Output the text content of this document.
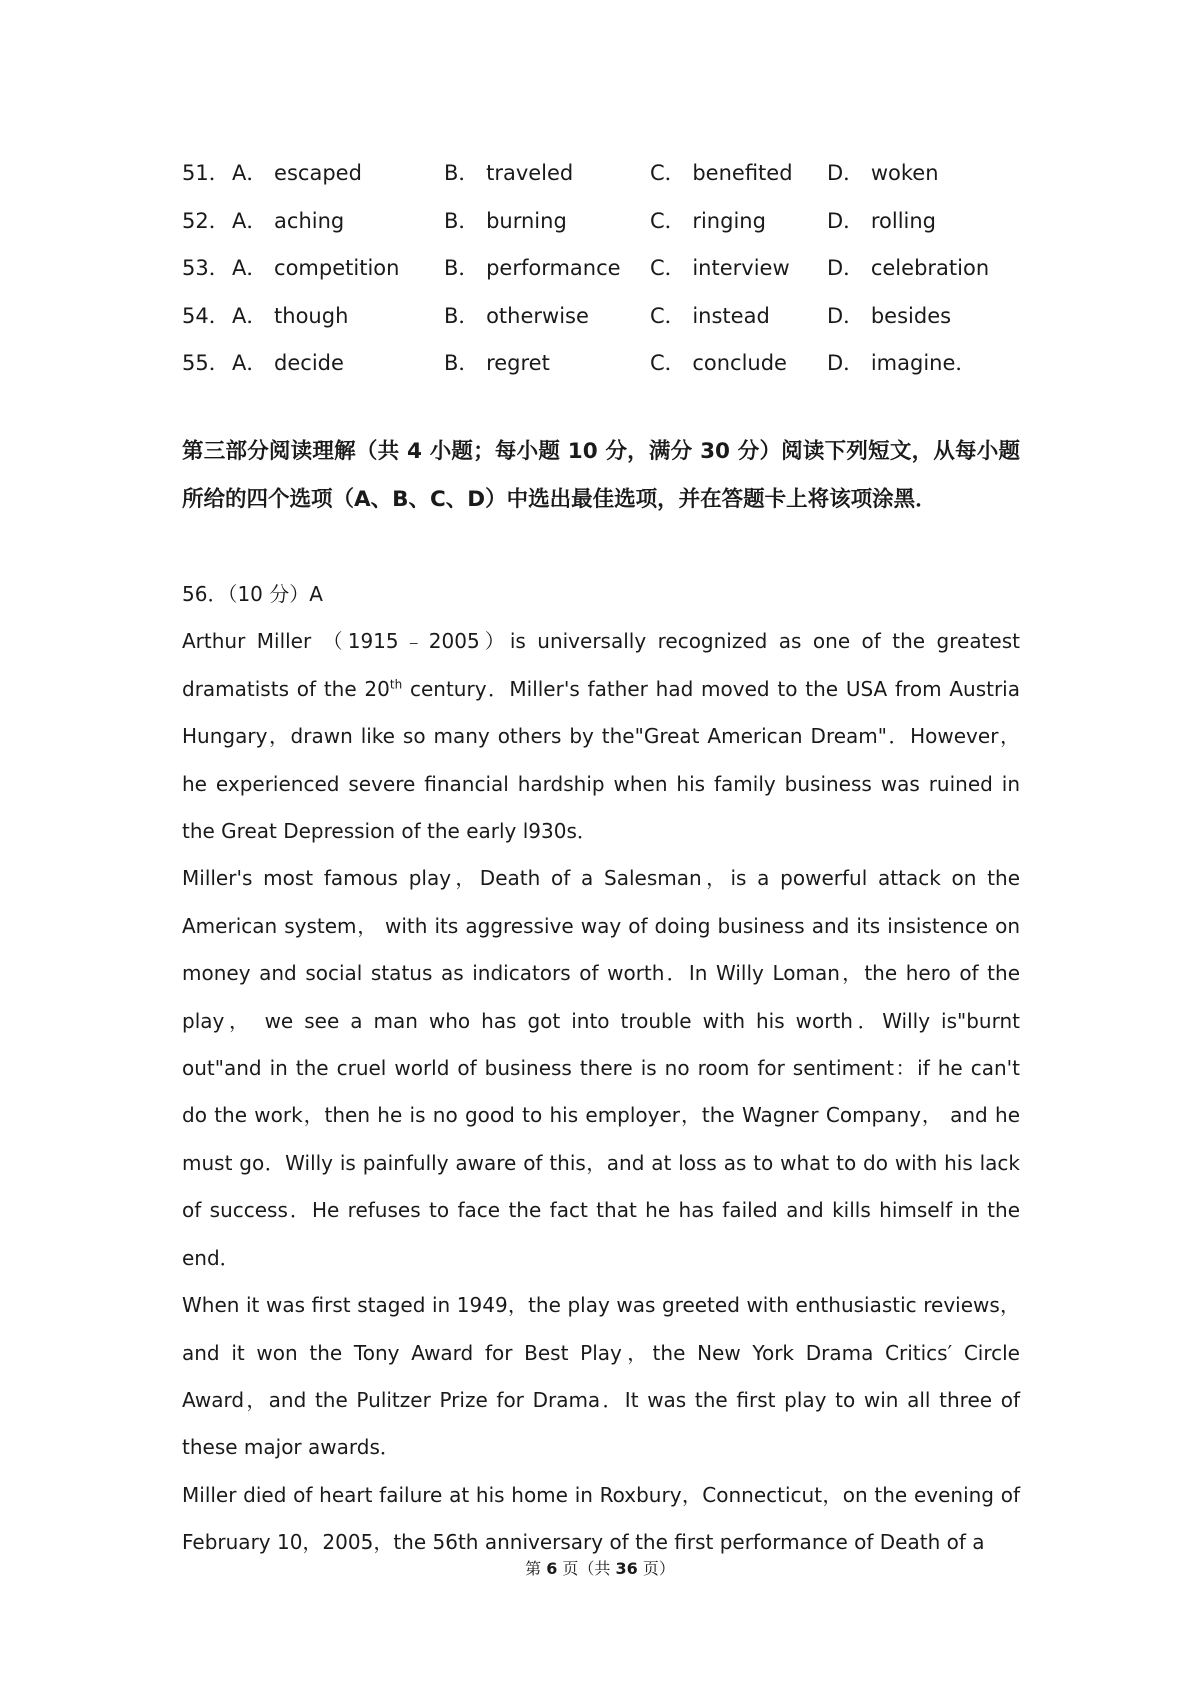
51． A． escaped	B． traveled	C． benefited D． woken
52． A． aching	B． burning	C． ringing	D． rolling
53． A． competition B． performance C． interview D． celebration
54． A． though	B． otherwise	C． instead	D． besides
55． A． decide	B． regret	C． conclude D． imagine．
第三部分阅读理解（共 4 小题；每小题 10 分，满分 30 分）阅读下列短文，从每小题所给的四个选项（A、B、C、D）中选出最佳选项，并在答题卡上将该项涂黑．

56．（10 分）A

Arthur Miller （1915﹣2005）is universally recognized as one of the greatest dramatists of the 20th century．Miller's father had moved to the USA from Austria Hungary，drawn like so many others by the"Great American Dream"．However，he experienced severe financial hardship when his family business was ruined in the Great Depression of the early l930s．

Miller's most famous play，Death of a Salesman，is a powerful attack on the American system， with its aggressive way of doing business and its insistence on money and social status as indicators of worth．In Willy Loman，the hero of the play， we see a man who has got into trouble with his worth．Willy is"burnt out"and in the cruel world of business there is no room for sentiment：if he can't do the work，then he is no good to his employer，the Wagner Company， and he must go．Willy is painfully aware of this，and at loss as to what to do with his lack of success．He refuses to face the fact that he has failed and kills himself in the end．

When it was first staged in 1949，the play was greeted with enthusiastic reviews，and it won the Tony Award for Best Play，the New York Drama Critics′ Circle Award，and the Pulitzer Prize for Drama．It was the first play to win all three of these major awards．

Miller died of heart failure at his home in Roxbury，Connecticut，on the evening of February 10，2005，the 56th anniversary of the first performance of Death of a

第 6 页（共 36 页）
